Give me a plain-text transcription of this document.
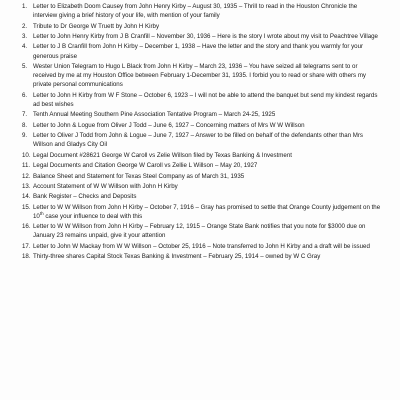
1. Letter to Elizabeth Doom Causey from John Henry Kirby – August 30, 1935 – Thrill to read in the Houston Chronicle the interview giving a brief history of your life, with mention of your family
2. Tribute to Dr George W Truett by John H Kirby
3. Letter to John Henry Kirby from J B Cranfill – November 30, 1936 – Here is the story I wrote about my visit to Peachtree Village
4. Letter to J B Cranfill from John H Kirby – December 1, 1938 – Have the letter and the story and thank you warmly for your generous praise
5. Wester Union Telegram to Hugo L Black from John H Kirby – March 23, 1936 – You have seized all telegrams sent to or received by me at my Houston Office between February 1-December 31, 1935. I forbid you to read or share with others my private personal communications
6. Letter to John H Kirby from W F Stone – October 6, 1923 – I will not be able to attend the banquet but send my kindest regards ad best wishes
7. Tenth Annual Meeting Southern Pine Association Tentative Program – March 24-25, 1925
8. Letter to John & Logue from Oliver J Todd – June 6, 1927 – Concerning matters of Mrs W W Willson
9. Letter to Oliver J Todd from John & Logue – June 7, 1927 – Answer to be filled on behalf of the defendants other than Mrs Willson and Gladys City Oil
10. Legal Document #28621 George W Caroll vs Zelie Willson filed by Texas Banking & Investment
11. Legal Documents and Citation George W Caroll vs Zellie L Willson – May 20, 1927
12. Balance Sheet and Statement for Texas Steel Company as of March 31, 1935
13. Account Statement of W W Willson with John H Kirby
14. Bank Register – Checks and Deposits
15. Letter to W W Willson from John H Kirby – October 7, 1916 – Gray has promised to settle that Orange County judgement on the 10th case your influence to deal with this
16. Letter to W W Willson from John H Kirby – February 12, 1915 – Orange State Bank notifies that you note for $3000 due on January 23 remains unpaid, give it your attention
17. Letter to John W Mackay from W W Willson – October 25, 1916 – Note transferred to John H Kirby and a draft will be issued
18. Thirty-three shares Capital Stock Texas Banking & Investment – February 25, 1914 – owned by W C Gray
